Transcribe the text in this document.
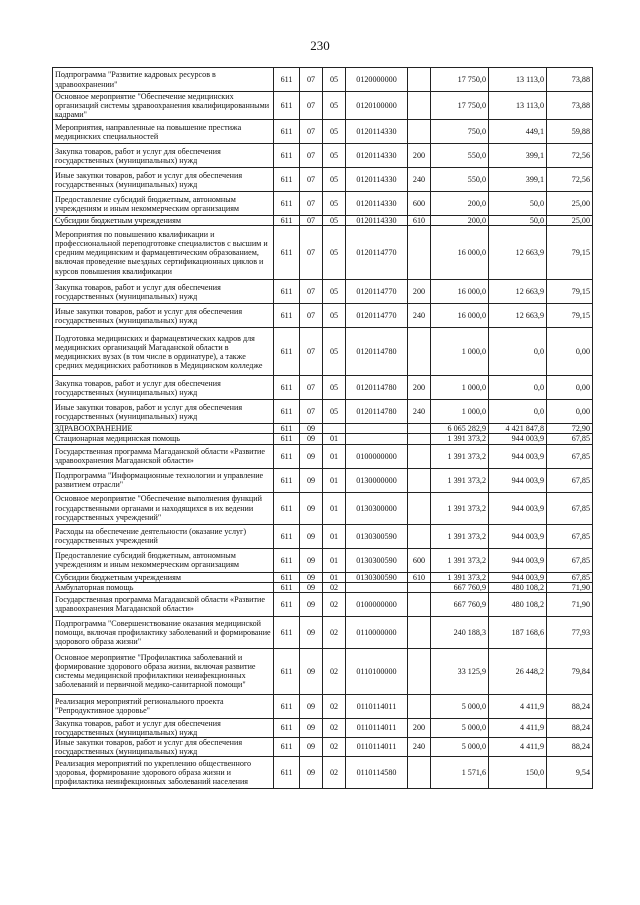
230
Подпрограмма "Развитие кадровых ресурсов в здравоохранении"	611	07	05	0120000000		17 750,0	13 113,0	73,88
Основное мероприятие "Обеспечение медицинских организаций системы здравоохранения квалифицированными кадрами"	611	07	05	0120100000		17 750,0	13 113,0	73,88
Мероприятия, направленные на повышение престижа медицинских специальностей	611	07	05	0120114330		750,0	449,1	59,88
Закупка товаров, работ и услуг для обеспечения государственных (муниципальных) нужд	611	07	05	0120114330	200	550,0	399,1	72,56
Иные закупки товаров, работ и услуг для обеспечения государственных (муниципальных) нужд	611	07	05	0120114330	240	550,0	399,1	72,56
Предоставление субсидий бюджетным, автономным учреждениям и иным некоммерческим организациям	611	07	05	0120114330	600	200,0	50,0	25,00
Субсидии бюджетным учреждениям	611	07	05	0120114330	610	200,0	50,0	25,00
Мероприятия по повышению квалификации и профессиональной переподготовке специалистов с высшим и средним медицинским и фармацевтическим образованием, включая проведение выездных сертификационных циклов и курсов повышения квалификации	611	07	05	0120114770		16 000,0	12 663,9	79,15
Закупка товаров, работ и услуг для обеспечения государственных (муниципальных) нужд	611	07	05	0120114770	200	16 000,0	12 663,9	79,15
Иные закупки товаров, работ и услуг для обеспечения государственных (муниципальных) нужд	611	07	05	0120114770	240	16 000,0	12 663,9	79,15
Подготовка медицинских и фармацевтических кадров для медицинских организаций Магаданской области в медицинских вузах (в том числе в ординатуре), а также средних медицинских работников в Медицинском колледже	611	07	05	0120114780		1 000,0	0,0	0,00
Закупка товаров, работ и услуг для обеспечения государственных (муниципальных) нужд	611	07	05	0120114780	200	1 000,0	0,0	0,00
Иные закупки товаров, работ и услуг для обеспечения государственных (муниципальных) нужд	611	07	05	0120114780	240	1 000,0	0,0	0,00
ЗДРАВООХРАНЕНИЕ	611	09				6 065 282,9	4 421 847,8	72,90
Стационарная медицинская помощь	611	09	01			1 391 373,2	944 003,9	67,85
Государственная программа Магаданской области «Развитие здравоохранения Магаданской области»	611	09	01	0100000000		1 391 373,2	944 003,9	67,85
Подпрограмма "Информационные технологии и управление развитием отрасли"	611	09	01	0130000000		1 391 373,2	944 003,9	67,85
Основное мероприятие "Обеспечение выполнения функций государственными органами и находящихся в их ведении государственных учреждений"	611	09	01	0130300000		1 391 373,2	944 003,9	67,85
Расходы на обеспечение деятельности (оказание услуг) государственных учреждений	611	09	01	0130300590		1 391 373,2	944 003,9	67,85
Предоставление субсидий бюджетным, автономным учреждениям и иным некоммерческим организациям	611	09	01	0130300590	600	1 391 373,2	944 003,9	67,85
Субсидии бюджетным учреждениям	611	09	01	0130300590	610	1 391 373,2	944 003,9	67,85
Амбулаторная помощь	611	09	02			667 760,9	480 108,2	71,90
Государственная программа Магаданской области «Развитие здравоохранения Магаданской области»	611	09	02	0100000000		667 760,9	480 108,2	71,90
Подпрограмма "Совершенствование оказания медицинской помощи, включая профилактику заболеваний и формирование здорового образа жизни"	611	09	02	0110000000		240 188,3	187 168,6	77,93
Основное мероприятие "Профилактика заболеваний и формирование здорового образа жизни, включая развитие системы медицинской профилактики неинфекционных заболеваний и первичной медико-санитарной помощи"	611	09	02	0110100000		33 125,9	26 448,2	79,84
Реализация мероприятий регионального проекта "Репродуктивное здоровье"	611	09	02	0110114011		5 000,0	4 411,9	88,24
Закупка товаров, работ и услуг для обеспечения государственных (муниципальных) нужд	611	09	02	0110114011	200	5 000,0	4 411,9	88,24
Иные закупки товаров, работ и услуг для обеспечения государственных (муниципальных) нужд	611	09	02	0110114011	240	5 000,0	4 411,9	88,24
Реализация мероприятий по укреплению общественного здоровья, формирование здорового образа жизни и профилактика неинфекционных заболеваний населения	611	09	02	0110114580		1 571,6	150,0	9,54
